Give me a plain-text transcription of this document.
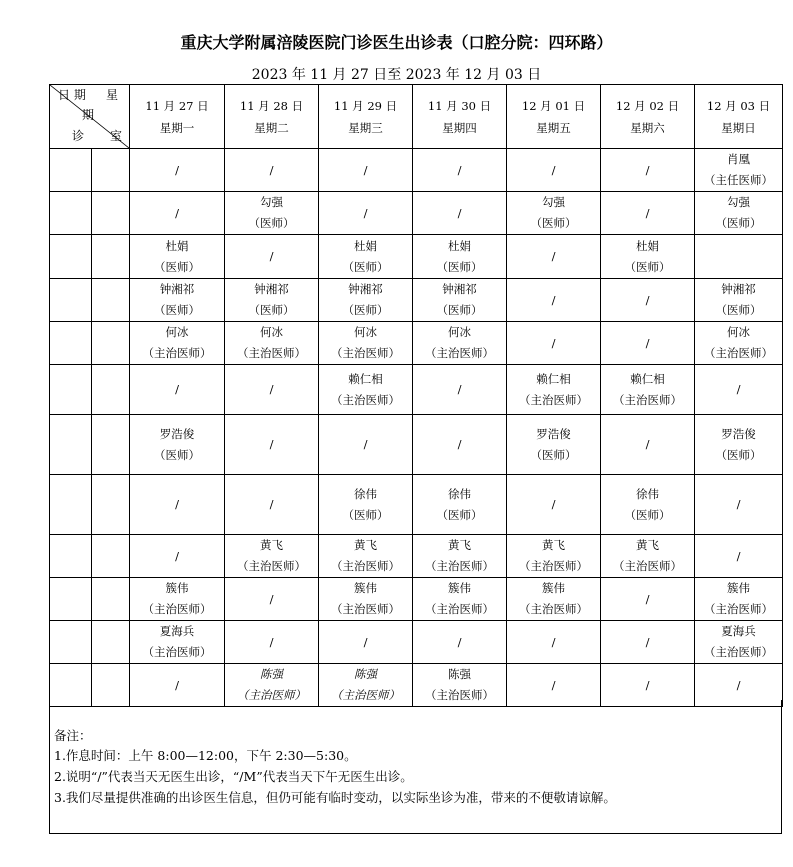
重庆大学附属涪陵医院门诊医生出诊表（口腔分院：四环路）
2023 年 11 月 27 日至 2023 年 12 月 03 日
日 期 星
期
诊 室		11 月 27 日
星期一	11 月 28 日
星期二	11 月 29 日
星期三	11 月 30 日
星期四	12 月 01 日
星期五	12 月 02 日
星期六	12 月 03 日
星期日

		/	/	/	/	/	/	肖凰
（主任医师）

		/	勾强
（医师）	/	/	勾强
（医师）	/	勾强
（医师）

		杜娟
（医师）	/	杜娟
（医师）	杜娟
（医师）	/	杜娟
（医师）	

		钟湘祁
（医师）	钟湘祁
（医师）	钟湘祁
（医师）	钟湘祁
（医师）	/	/	钟湘祁
（医师）

		何冰
（主治医师）	何冰
（主治医师）	何冰
（主治医师）	何冰
（主治医师）	/	/	何冰
（主治医师）

		/	/	赖仁相
（主治医师）	/	赖仁相
（主治医师）	赖仁相
（主治医师）	/

		罗浩俊
（医师）	/	/	/	罗浩俊
（医师）	/	罗浩俊
（医师）

		/	/	徐伟
（医师）	徐伟
（医师）	/	徐伟
（医师）	/

		/	黄飞
（主治医师）	黄飞
（主治医师）	黄飞
（主治医师）	黄飞
（主治医师）	黄飞
（主治医师）	/

		簇伟
（主治医师）	/	簇伟
（主治医师）	簇伟
（主治医师）	簇伟
（主治医师）	/	簇伟
（主治医师）

		夏海兵
（主治医师）	/	/	/	/	/	夏海兵
（主治医师）

		/	陈强
（主治医师）	陈强
（主治医师）	陈强
（主治医师）	/	/	/
备注：
1.作息时间：上午 8:00—12:00，下午 2:30—5:30。
2.说明“/”代表当天无医生出诊，“/M”代表当天下午无医生出诊。
3.我们尽量提供准确的出诊医生信息，但仍可能有临时变动，以实际坐诊为准，带来的不便敬请谅解。
